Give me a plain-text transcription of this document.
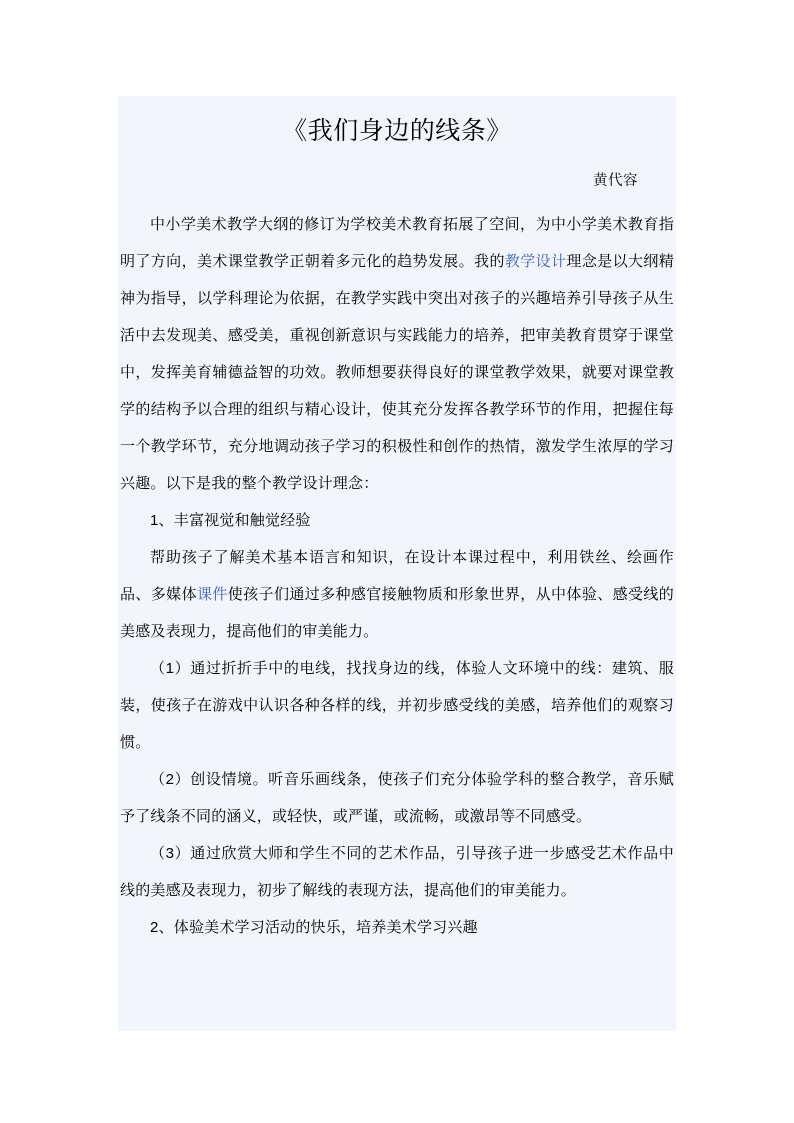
《我们身边的线条》

黄代容

中小学美术教学大纲的修订为学校美术教育拓展了空间，为中小学美术教育指明了方向，美术课堂教学正朝着多元化的趋势发展。我的教学设计理念是以大纲精神为指导，以学科理论为依据，在教学实践中突出对孩子的兴趣培养引导孩子从生活中去发现美、感受美，重视创新意识与实践能力的培养，把审美教育贯穿于课堂中，发挥美育辅德益智的功效。教师想要获得良好的课堂教学效果，就要对课堂教学的结构予以合理的组织与精心设计，使其充分发挥各教学环节的作用，把握住每一个教学环节，充分地调动孩子学习的积极性和创作的热情，激发学生浓厚的学习兴趣。以下是我的整个教学设计理念：

1、丰富视觉和触觉经验

帮助孩子了解美术基本语言和知识，在设计本课过程中，利用铁丝、绘画作品、多媒体课件使孩子们通过多种感官接触物质和形象世界，从中体验、感受线的美感及表现力，提高他们的审美能力。

（1）通过折折手中的电线，找找身边的线，体验人文环境中的线：建筑、服装，使孩子在游戏中认识各种各样的线，并初步感受线的美感，培养他们的观察习惯。

（2）创设情境。听音乐画线条，使孩子们充分体验学科的整合教学，音乐赋予了线条不同的涵义，或轻快，或严谨，或流畅，或激昂等不同感受。

（3）通过欣赏大师和学生不同的艺术作品，引导孩子进一步感受艺术作品中线的美感及表现力，初步了解线的表现方法，提高他们的审美能力。

2、体验美术学习活动的快乐，培养美术学习兴趣
